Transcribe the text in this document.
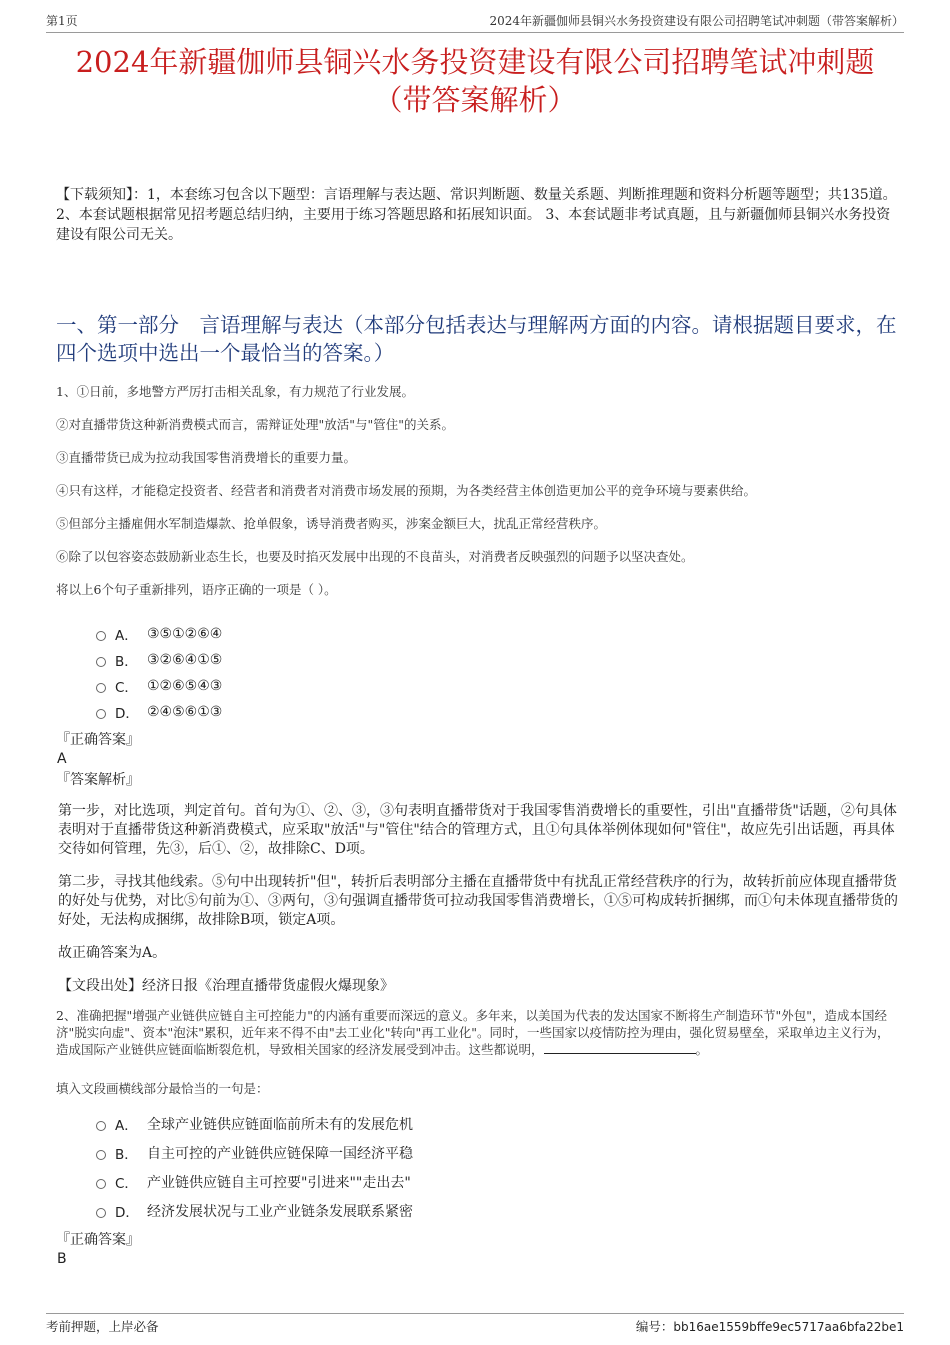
第1页	2024年新疆伽师县铜兴水务投资建设有限公司招聘笔试冲刺题（带答案解析）
2024年新疆伽师县铜兴水务投资建设有限公司招聘笔试冲刺题
（带答案解析）
【下载须知】：1，本套练习包含以下题型：言语理解与表达题、常识判断题、数量关系题、判断推理题和资料分析题等题型；共135道。 2、本套试题根据常见招考题总结归纳，主要用于练习答题思路和拓展知识面。 3、本套试题非考试真题，且与新疆伽师县铜兴水务投资建设有限公司无关。
一、第一部分　言语理解与表达（本部分包括表达与理解两方面的内容。请根据题目要求，在四个选项中选出一个最恰当的答案。）

1、①日前，多地警方严厉打击相关乱象，有力规范了行业发展。

②对直播带货这种新消费模式而言，需辩证处理"放活"与"管住"的关系。

③直播带货已成为拉动我国零售消费增长的重要力量。

④只有这样，才能稳定投资者、经营者和消费者对消费市场发展的预期，为各类经营主体创造更加公平的竞争环境与要素供给。

⑤但部分主播雇佣水军制造爆款、抢单假象，诱导消费者购买，涉案金额巨大，扰乱正常经营秩序。

⑥除了以包容姿态鼓励新业态生长，也要及时掐灭发展中出现的不良苗头，对消费者反映强烈的问题予以坚决查处。

将以上6个句子重新排列，语序正确的一项是（ ）。

A． ③⑤①②⑥④
B． ③②⑥④①⑤
C． ①②⑥⑤④③
D． ②④⑤⑥①③
『正确答案』
A
『答案解析』

第一步，对比选项，判定首句。首句为①、②、③，③句表明直播带货对于我国零售消费增长的重要性，引出"直播带货"话题，②句具体表明对于直播带货这种新消费模式，应采取"放活"与"管住"结合的管理方式，且①句具体举例体现如何"管住"，故应先引出话题，再具体交待如何管理，先③，后①、②，故排除C、D项。

第二步，寻找其他线索。⑤句中出现转折"但"，转折后表明部分主播在直播带货中有扰乱正常经营秩序的行为，故转折前应体现直播带货的好处与优势，对比⑤句前为①、③两句，③句强调直播带货可拉动我国零售消费增长，①⑤可构成转折捆绑，而①句未体现直播带货的好处，无法构成捆绑，故排除B项，锁定A项。

故正确答案为A。

【文段出处】经济日报《治理直播带货虚假火爆现象》

2、准确把握"增强产业链供应链自主可控能力"的内涵有重要而深远的意义。多年来，以美国为代表的发达国家不断将生产制造环节"外包"，造成本国经济"脱实向虚"、资本"泡沫"累积，近年来不得不由"去工业化"转向"再工业化"。同时，一些国家以疫情防控为理由，强化贸易壁垒，采取单边主义行为，造成国际产业链供应链面临断裂危机，导致相关国家的经济发展受到冲击。这些都说明，	。

填入文段画横线部分最恰当的一句是：

A． 全球产业链供应链面临前所未有的发展危机
B． 自主可控的产业链供应链保障一国经济平稳
C． 产业链供应链自主可控要"引进来""走出去"
D． 经济发展状况与工业产业链条发展联系紧密
『正确答案』
B
考前押题，上岸必备	编号：bb16ae1559bffe9ec5717aa6bfa22be1
